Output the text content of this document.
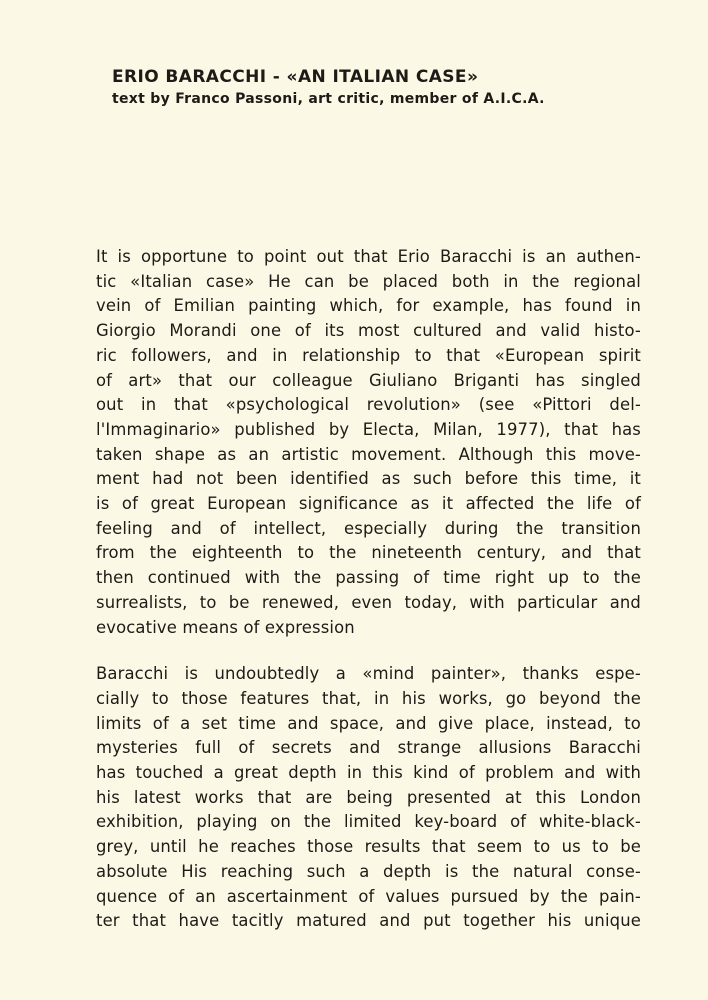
ERIO BARACCHI - «AN ITALIAN CASE»

text by Franco Passoni, art critic, member of A.I.C.A.

It is opportune to point out that Erio Baracchi is an authen-
tic «Italian case» He can be placed both in the regional
vein of Emilian painting which, for example, has found in
Giorgio Morandi one of its most cultured and valid histo-
ric followers, and in relationship to that «European spirit
of art» that our colleague Giuliano Briganti has singled
out in that «psychological revolution» (see «Pittori del-
l'Immaginario» published by Electa, Milan, 1977), that has
taken shape as an artistic movement. Although this move-
ment had not been identified as such before this time, it
is of great European significance as it affected the life of
feeling and of intellect, especially during the transition
from the eighteenth to the nineteenth century, and that
then continued with the passing of time right up to the
surrealists, to be renewed, even today, with particular and
evocative means of expression

Baracchi is undoubtedly a «mind painter», thanks espe-
cially to those features that, in his works, go beyond the
limits of a set time and space, and give place, instead, to
mysteries full of secrets and strange allusions Baracchi
has touched a great depth in this kind of problem and with
his latest works that are being presented at this London
exhibition, playing on the limited key-board of white-black-
grey, until he reaches those results that seem to us to be
absolute His reaching such a depth is the natural conse-
quence of an ascertainment of values pursued by the pain-
ter that have tacitly matured and put together his unique
